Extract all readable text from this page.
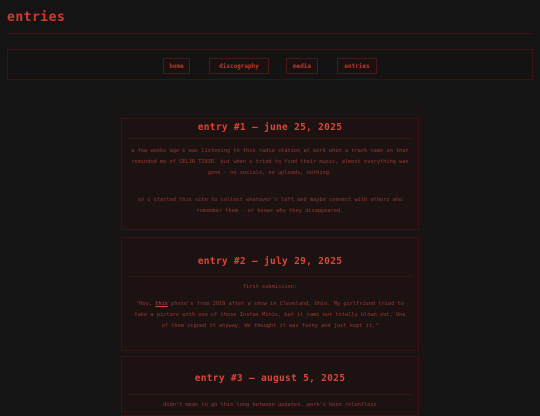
entries
home	discography	media	entries
entry #1 — june 25, 2025

a few weeks ago i was listening to this radio station at work when a track came on that reminded me of CEL3R TI83R. but when i tried to find their music, almost everything was gone - no socials, no uploads, nothing.

so i started this site to collect whatever's left and maybe connect with others who remember them - or knows why they disappeared.

entry #2 — july 29, 2025

first submission:

"Hey, this photo's from 2019 after a show in Cleveland, Ohio. My girlfriend tried to take a picture with one of those Instax Minis, but it came out totally blown out. One of them signed it anyway. We thought it was funny and just kept it."

entry #3 — august 5, 2025

didn't mean to go this long between updates. work's been relentless
